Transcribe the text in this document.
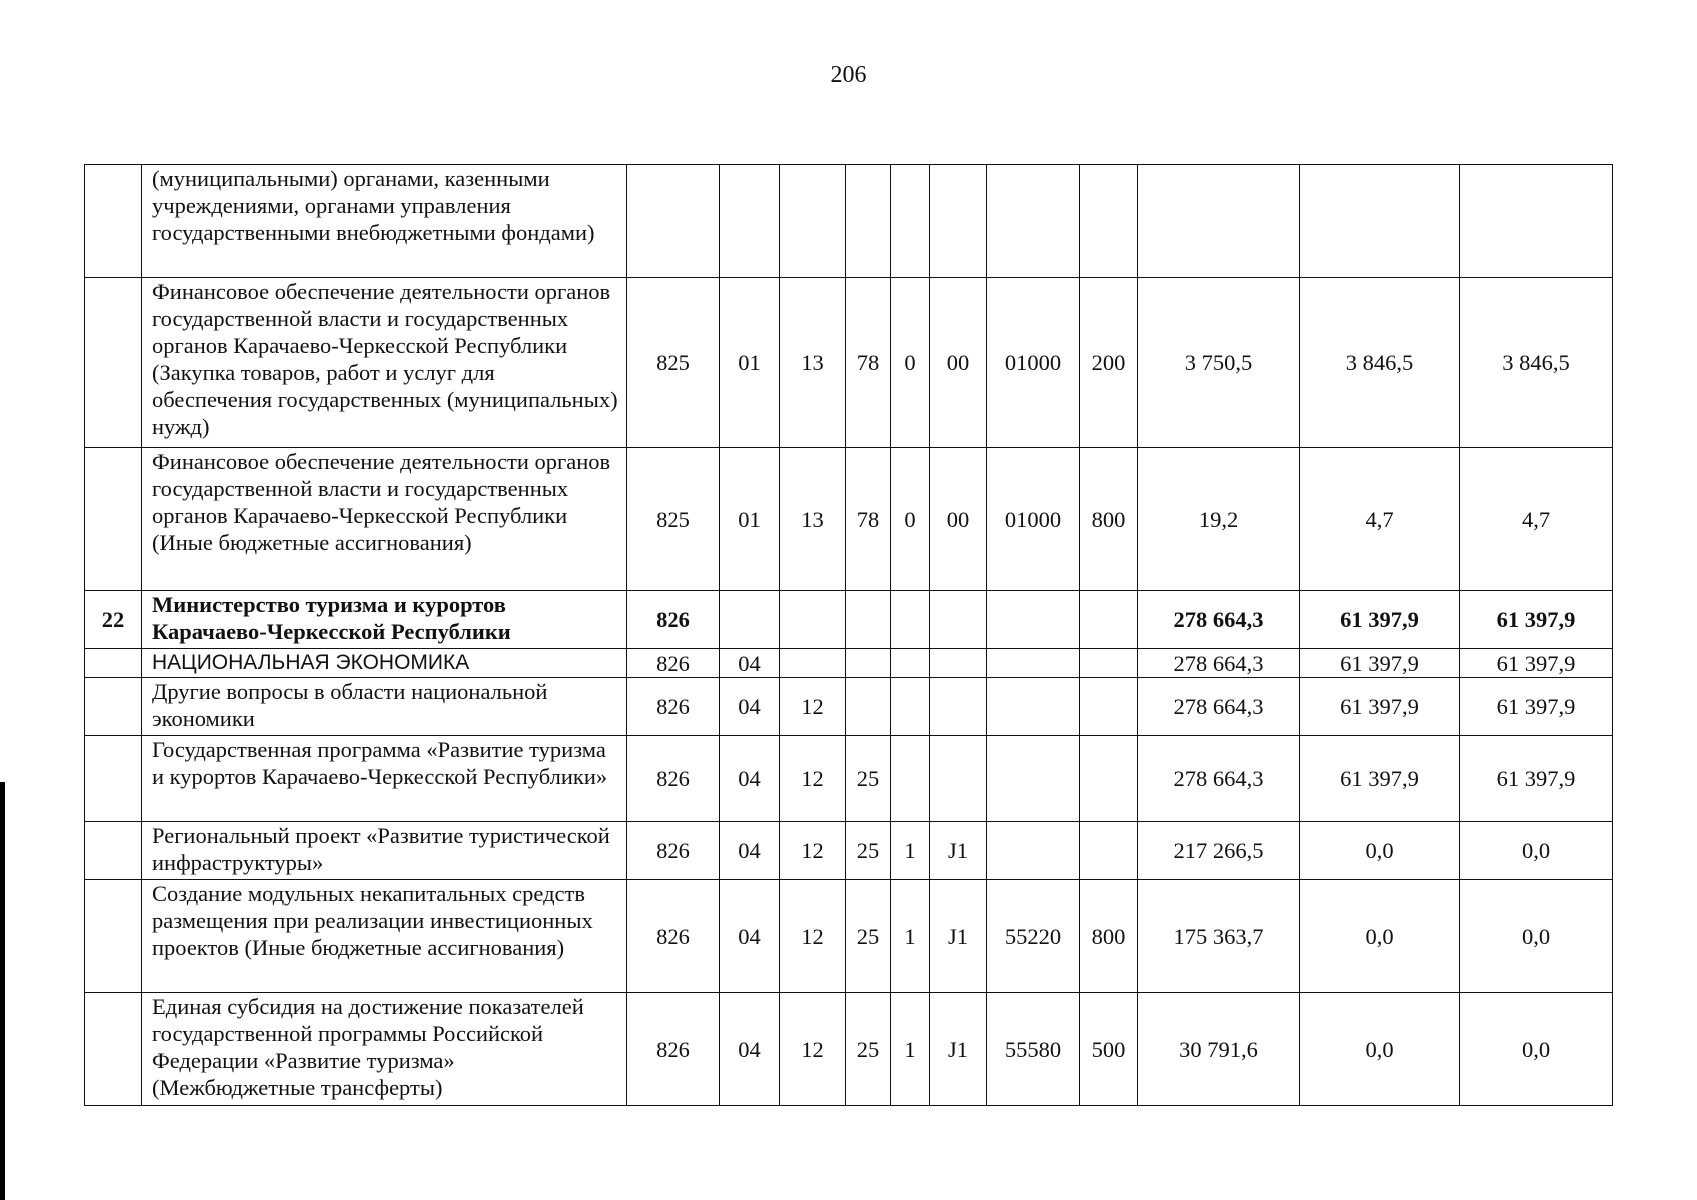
206
	(муниципальными) органами, казенными учреждениями, органами управления государственными внебюджетными фондами)											
	Финансовое обеспечение деятельности органов государственной власти и государственных органов Карачаево-Черкесской Республики (Закупка товаров, работ и услуг для обеспечения государственных (муниципальных) нужд)	825	01	13	78	0	00	01000	200	3 750,5	3 846,5	3 846,5
	Финансовое обеспечение деятельности органов государственной власти и государственных органов Карачаево-Черкесской Республики (Иные бюджетные ассигнования)	825	01	13	78	0	00	01000	800	19,2	4,7	4,7
22	Министерство туризма и курортов Карачаево-Черкесской Республики	826								278 664,3	61 397,9	61 397,9
	НАЦИОНАЛЬНАЯ ЭКОНОМИКА	826	04							278 664,3	61 397,9	61 397,9
	Другие вопросы в области национальной экономики	826	04	12						278 664,3	61 397,9	61 397,9
	Государственная программа «Развитие туризма и курортов Карачаево-Черкесской Республики»	826	04	12	25					278 664,3	61 397,9	61 397,9
	Региональный проект «Развитие туристической инфраструктуры»	826	04	12	25	1	J1			217 266,5	0,0	0,0
	Создание модульных некапитальных средств размещения при реализации инвестиционных проектов (Иные бюджетные ассигнования)	826	04	12	25	1	J1	55220	800	175 363,7	0,0	0,0
	Единая субсидия на достижение показателей государственной программы Российской Федерации «Развитие туризма» (Межбюджетные трансферты)	826	04	12	25	1	J1	55580	500	30 791,6	0,0	0,0
